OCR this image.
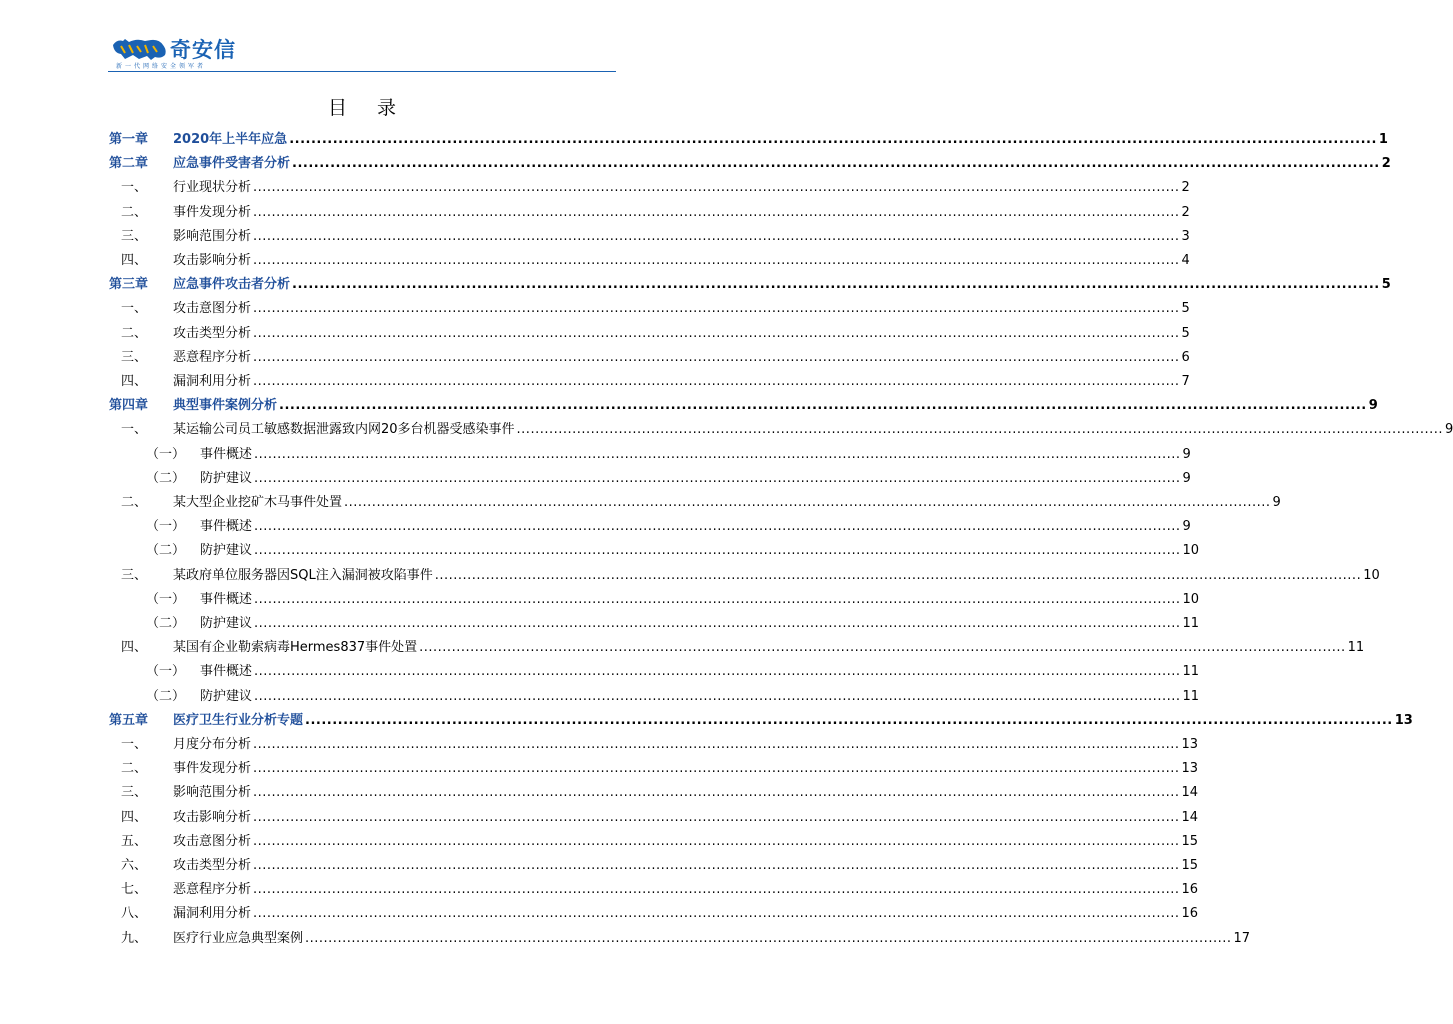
奇安信
新一代网络安全领军者
目录
第一章	2020年上半年应急 ........................................................................................................................................................................................................ 1
第二章	应急事件受害者分析 ........................................................................................................................................................................................................ 2
一、	行业现状分析 ........................................................................................................................................................................................................ 2
二、	事件发现分析 ........................................................................................................................................................................................................ 2
三、	影响范围分析 ........................................................................................................................................................................................................ 3
四、	攻击影响分析 ........................................................................................................................................................................................................ 4
第三章	应急事件攻击者分析 ........................................................................................................................................................................................................ 5
一、	攻击意图分析 ........................................................................................................................................................................................................ 5
二、	攻击类型分析 ........................................................................................................................................................................................................ 5
三、	恶意程序分析 ........................................................................................................................................................................................................ 6
四、	漏洞利用分析 ........................................................................................................................................................................................................ 7
第四章	典型事件案例分析 ........................................................................................................................................................................................................ 9
一、	某运输公司员工敏感数据泄露致内网20多台机器受感染事件 ........................................................................................................................................................................................................ 9
（一）	事件概述 ........................................................................................................................................................................................................ 9
（二）	防护建议 ........................................................................................................................................................................................................ 9
二、	某大型企业挖矿木马事件处置 ........................................................................................................................................................................................................ 9
（一）	事件概述 ........................................................................................................................................................................................................ 9
（二）	防护建议 ........................................................................................................................................................................................................ 10
三、	某政府单位服务器因SQL注入漏洞被攻陷事件 ........................................................................................................................................................................................................ 10
（一）	事件概述 ........................................................................................................................................................................................................ 10
（二）	防护建议 ........................................................................................................................................................................................................ 11
四、	某国有企业勒索病毒Hermes837事件处置 ........................................................................................................................................................................................................ 11
（一）	事件概述 ........................................................................................................................................................................................................ 11
（二）	防护建议 ........................................................................................................................................................................................................ 11
第五章	医疗卫生行业分析专题 ........................................................................................................................................................................................................ 13
一、	月度分布分析 ........................................................................................................................................................................................................ 13
二、	事件发现分析 ........................................................................................................................................................................................................ 13
三、	影响范围分析 ........................................................................................................................................................................................................ 14
四、	攻击影响分析 ........................................................................................................................................................................................................ 14
五、	攻击意图分析 ........................................................................................................................................................................................................ 15
六、	攻击类型分析 ........................................................................................................................................................................................................ 15
七、	恶意程序分析 ........................................................................................................................................................................................................ 16
八、	漏洞利用分析 ........................................................................................................................................................................................................ 16
九、	医疗行业应急典型案例 ........................................................................................................................................................................................................ 17
